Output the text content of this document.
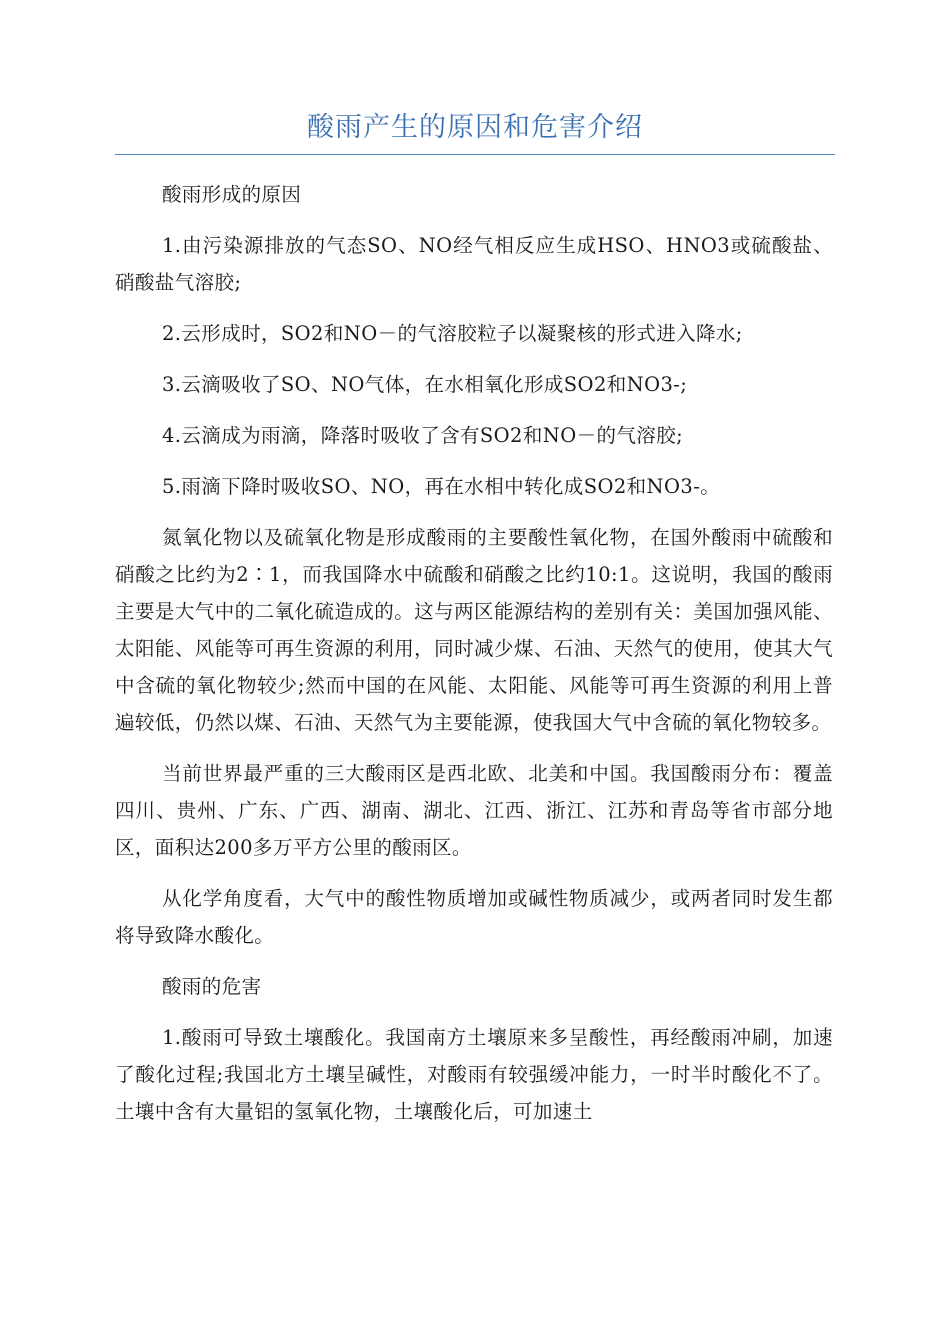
酸雨产生的原因和危害介绍

酸雨形成的原因

1.由污染源排放的气态SO、NO经气相反应生成HSO、HNO3或硫酸盐、硝酸盐气溶胶;

2.云形成时，SO2和NO－的气溶胶粒子以凝聚核的形式进入降水;

3.云滴吸收了SO、NO气体，在水相氧化形成SO2和NO3-;

4.云滴成为雨滴，降落时吸收了含有SO2和NO－的气溶胶;

5.雨滴下降时吸收SO、NO，再在水相中转化成SO2和NO3-。

氮氧化物以及硫氧化物是形成酸雨的主要酸性氧化物，在国外酸雨中硫酸和硝酸之比约为2∶1，而我国降水中硫酸和硝酸之比约10:1。这说明，我国的酸雨主要是大气中的二氧化硫造成的。这与两区能源结构的差别有关：美国加强风能、太阳能、风能等可再生资源的利用，同时减少煤、石油、天然气的使用，使其大气中含硫的氧化物较少;然而中国的在风能、太阳能、风能等可再生资源的利用上普遍较低，仍然以煤、石油、天然气为主要能源，使我国大气中含硫的氧化物较多。

当前世界最严重的三大酸雨区是西北欧、北美和中国。我国酸雨分布：覆盖四川、贵州、广东、广西、湖南、湖北、江西、浙江、江苏和青岛等省市部分地区，面积达200多万平方公里的酸雨区。

从化学角度看，大气中的酸性物质增加或碱性物质减少，或两者同时发生都将导致降水酸化。

酸雨的危害

1.酸雨可导致土壤酸化。我国南方土壤原来多呈酸性，再经酸雨冲刷，加速了酸化过程;我国北方土壤呈碱性，对酸雨有较强缓冲能力，一时半时酸化不了。土壤中含有大量铝的氢氧化物，土壤酸化后，可加速土
